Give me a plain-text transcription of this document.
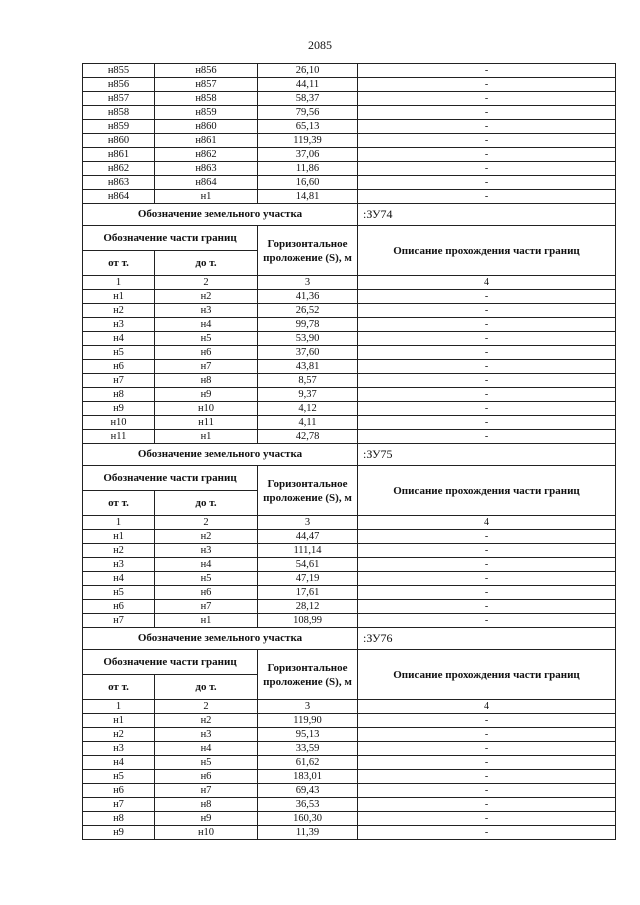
2085
н855	н856	26,10	-
н856	н857	44,11	-
н857	н858	58,37	-
н858	н859	79,56	-
н859	н860	65,13	-
н860	н861	119,39	-
н861	н862	37,06	-
н862	н863	11,86	-
н863	н864	16,60	-
н864	н1	14,81	-
Обозначение земельного участка			:ЗУ74
Обозначение части границ		Горизонтальное проложение (S), м	Описание прохождения части границ
от т.	до т.		
1	2	3	4
н1	н2	41,36	-
н2	н3	26,52	-
н3	н4	99,78	-
н4	н5	53,90	-
н5	н6	37,60	-
н6	н7	43,81	-
н7	н8	8,57	-
н8	н9	9,37	-
н9	н10	4,12	-
н10	н11	4,11	-
н11	н1	42,78	-
Обозначение земельного участка			:ЗУ75
Обозначение части границ		Горизонтальное проложение (S), м	Описание прохождения части границ
от т.	до т.		
1	2	3	4
н1	н2	44,47	-
н2	н3	111,14	-
н3	н4	54,61	-
н4	н5	47,19	-
н5	н6	17,61	-
н6	н7	28,12	-
н7	н1	108,99	-
Обозначение земельного участка			:ЗУ76
Обозначение части границ		Горизонтальное проложение (S), м	Описание прохождения части границ
от т.	до т.		
1	2	3	4
н1	н2	119,90	-
н2	н3	95,13	-
н3	н4	33,59	-
н4	н5	61,62	-
н5	н6	183,01	-
н6	н7	69,43	-
н7	н8	36,53	-
н8	н9	160,30	-
н9	н10	11,39	-
